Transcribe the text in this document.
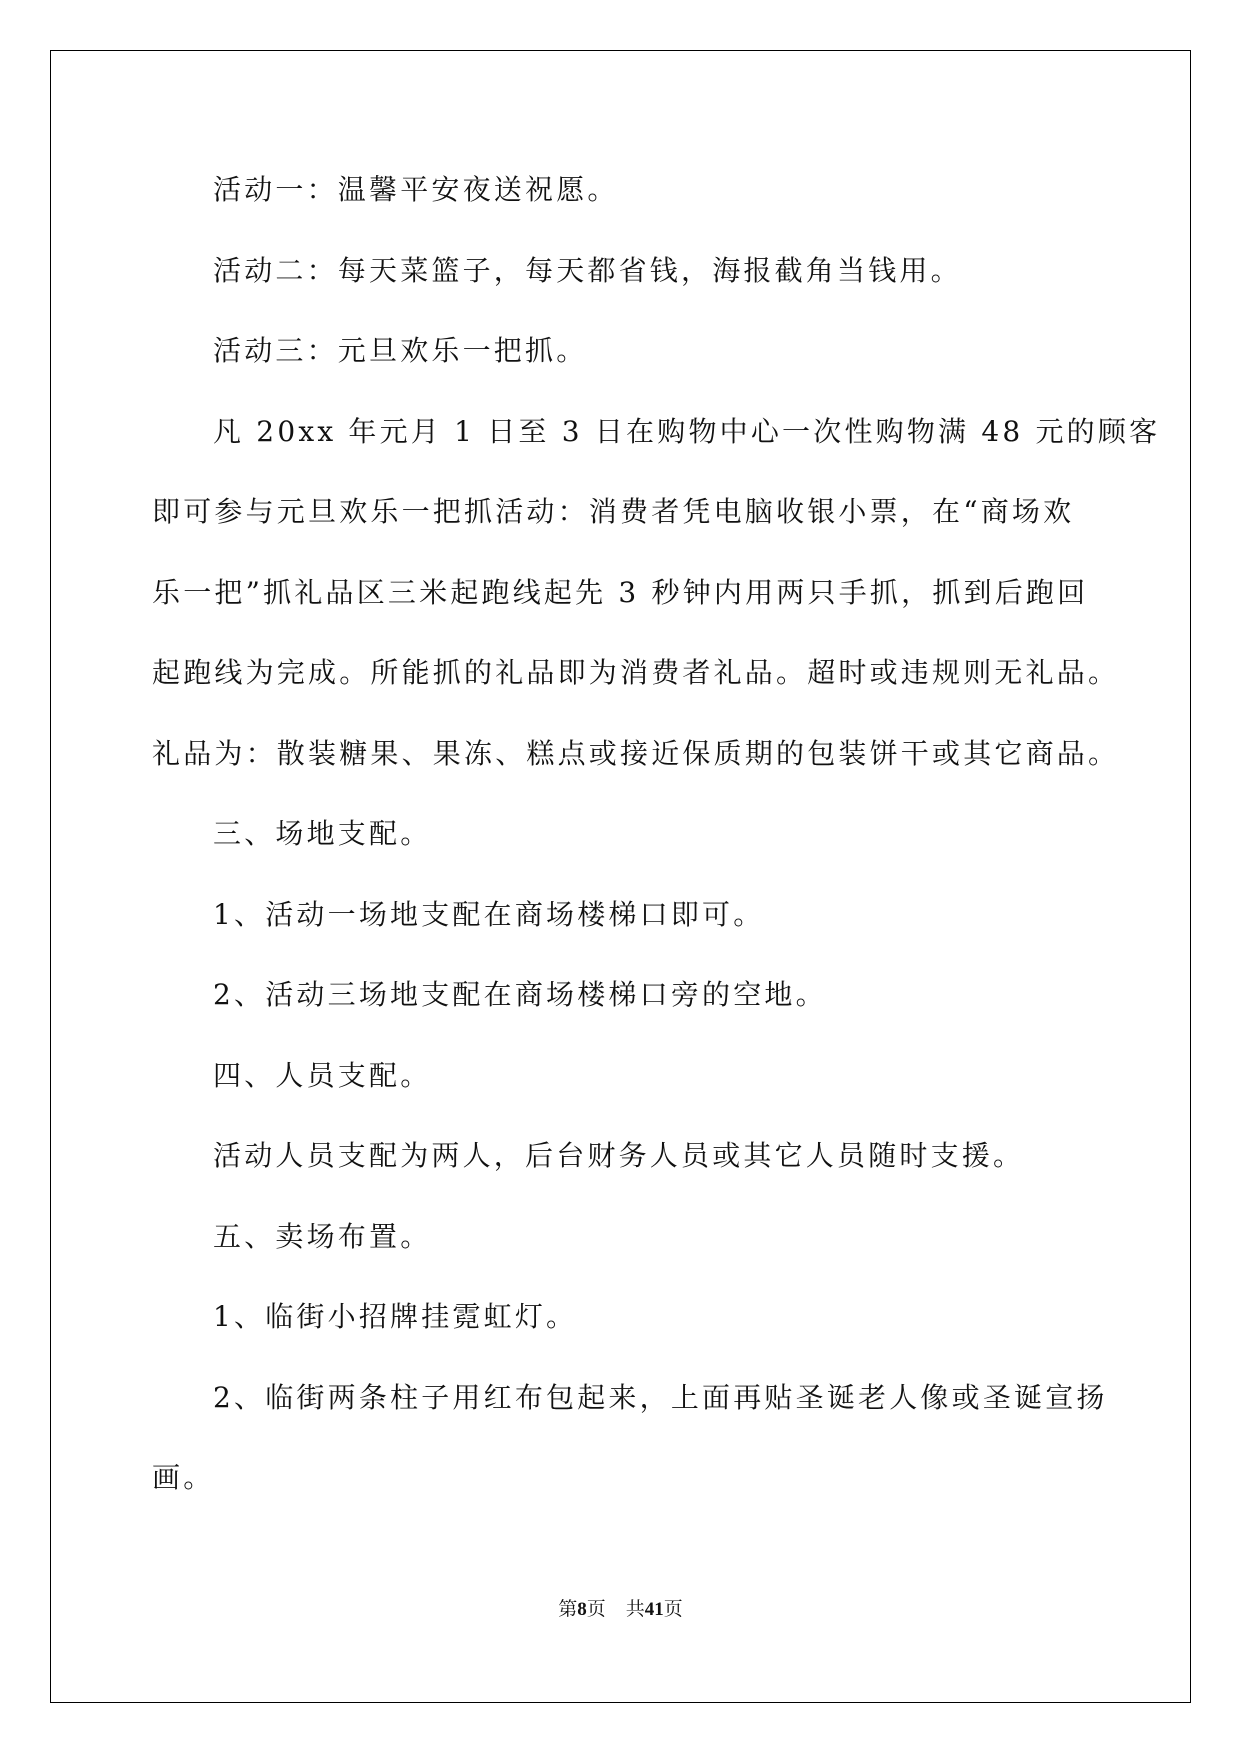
活动一：温馨平安夜送祝愿。
活动二：每天菜篮子，每天都省钱，海报截角当钱用。
活动三：元旦欢乐一把抓。
凡 20xx 年元月 1 日至 3 日在购物中心一次性购物满 48 元的顾客
即可参与元旦欢乐一把抓活动：消费者凭电脑收银小票，在“商场欢
乐一把”抓礼品区三米起跑线起先 3 秒钟内用两只手抓，抓到后跑回
起跑线为完成。所能抓的礼品即为消费者礼品。超时或违规则无礼品。
礼品为：散装糖果、果冻、糕点或接近保质期的包装饼干或其它商品。
三、场地支配。
1、活动一场地支配在商场楼梯口即可。
2、活动三场地支配在商场楼梯口旁的空地。
四、人员支配。
活动人员支配为两人，后台财务人员或其它人员随时支援。
五、卖场布置。
1、临街小招牌挂霓虹灯。
2、临街两条柱子用红布包起来，上面再贴圣诞老人像或圣诞宣扬
画。
第8页 共41页
